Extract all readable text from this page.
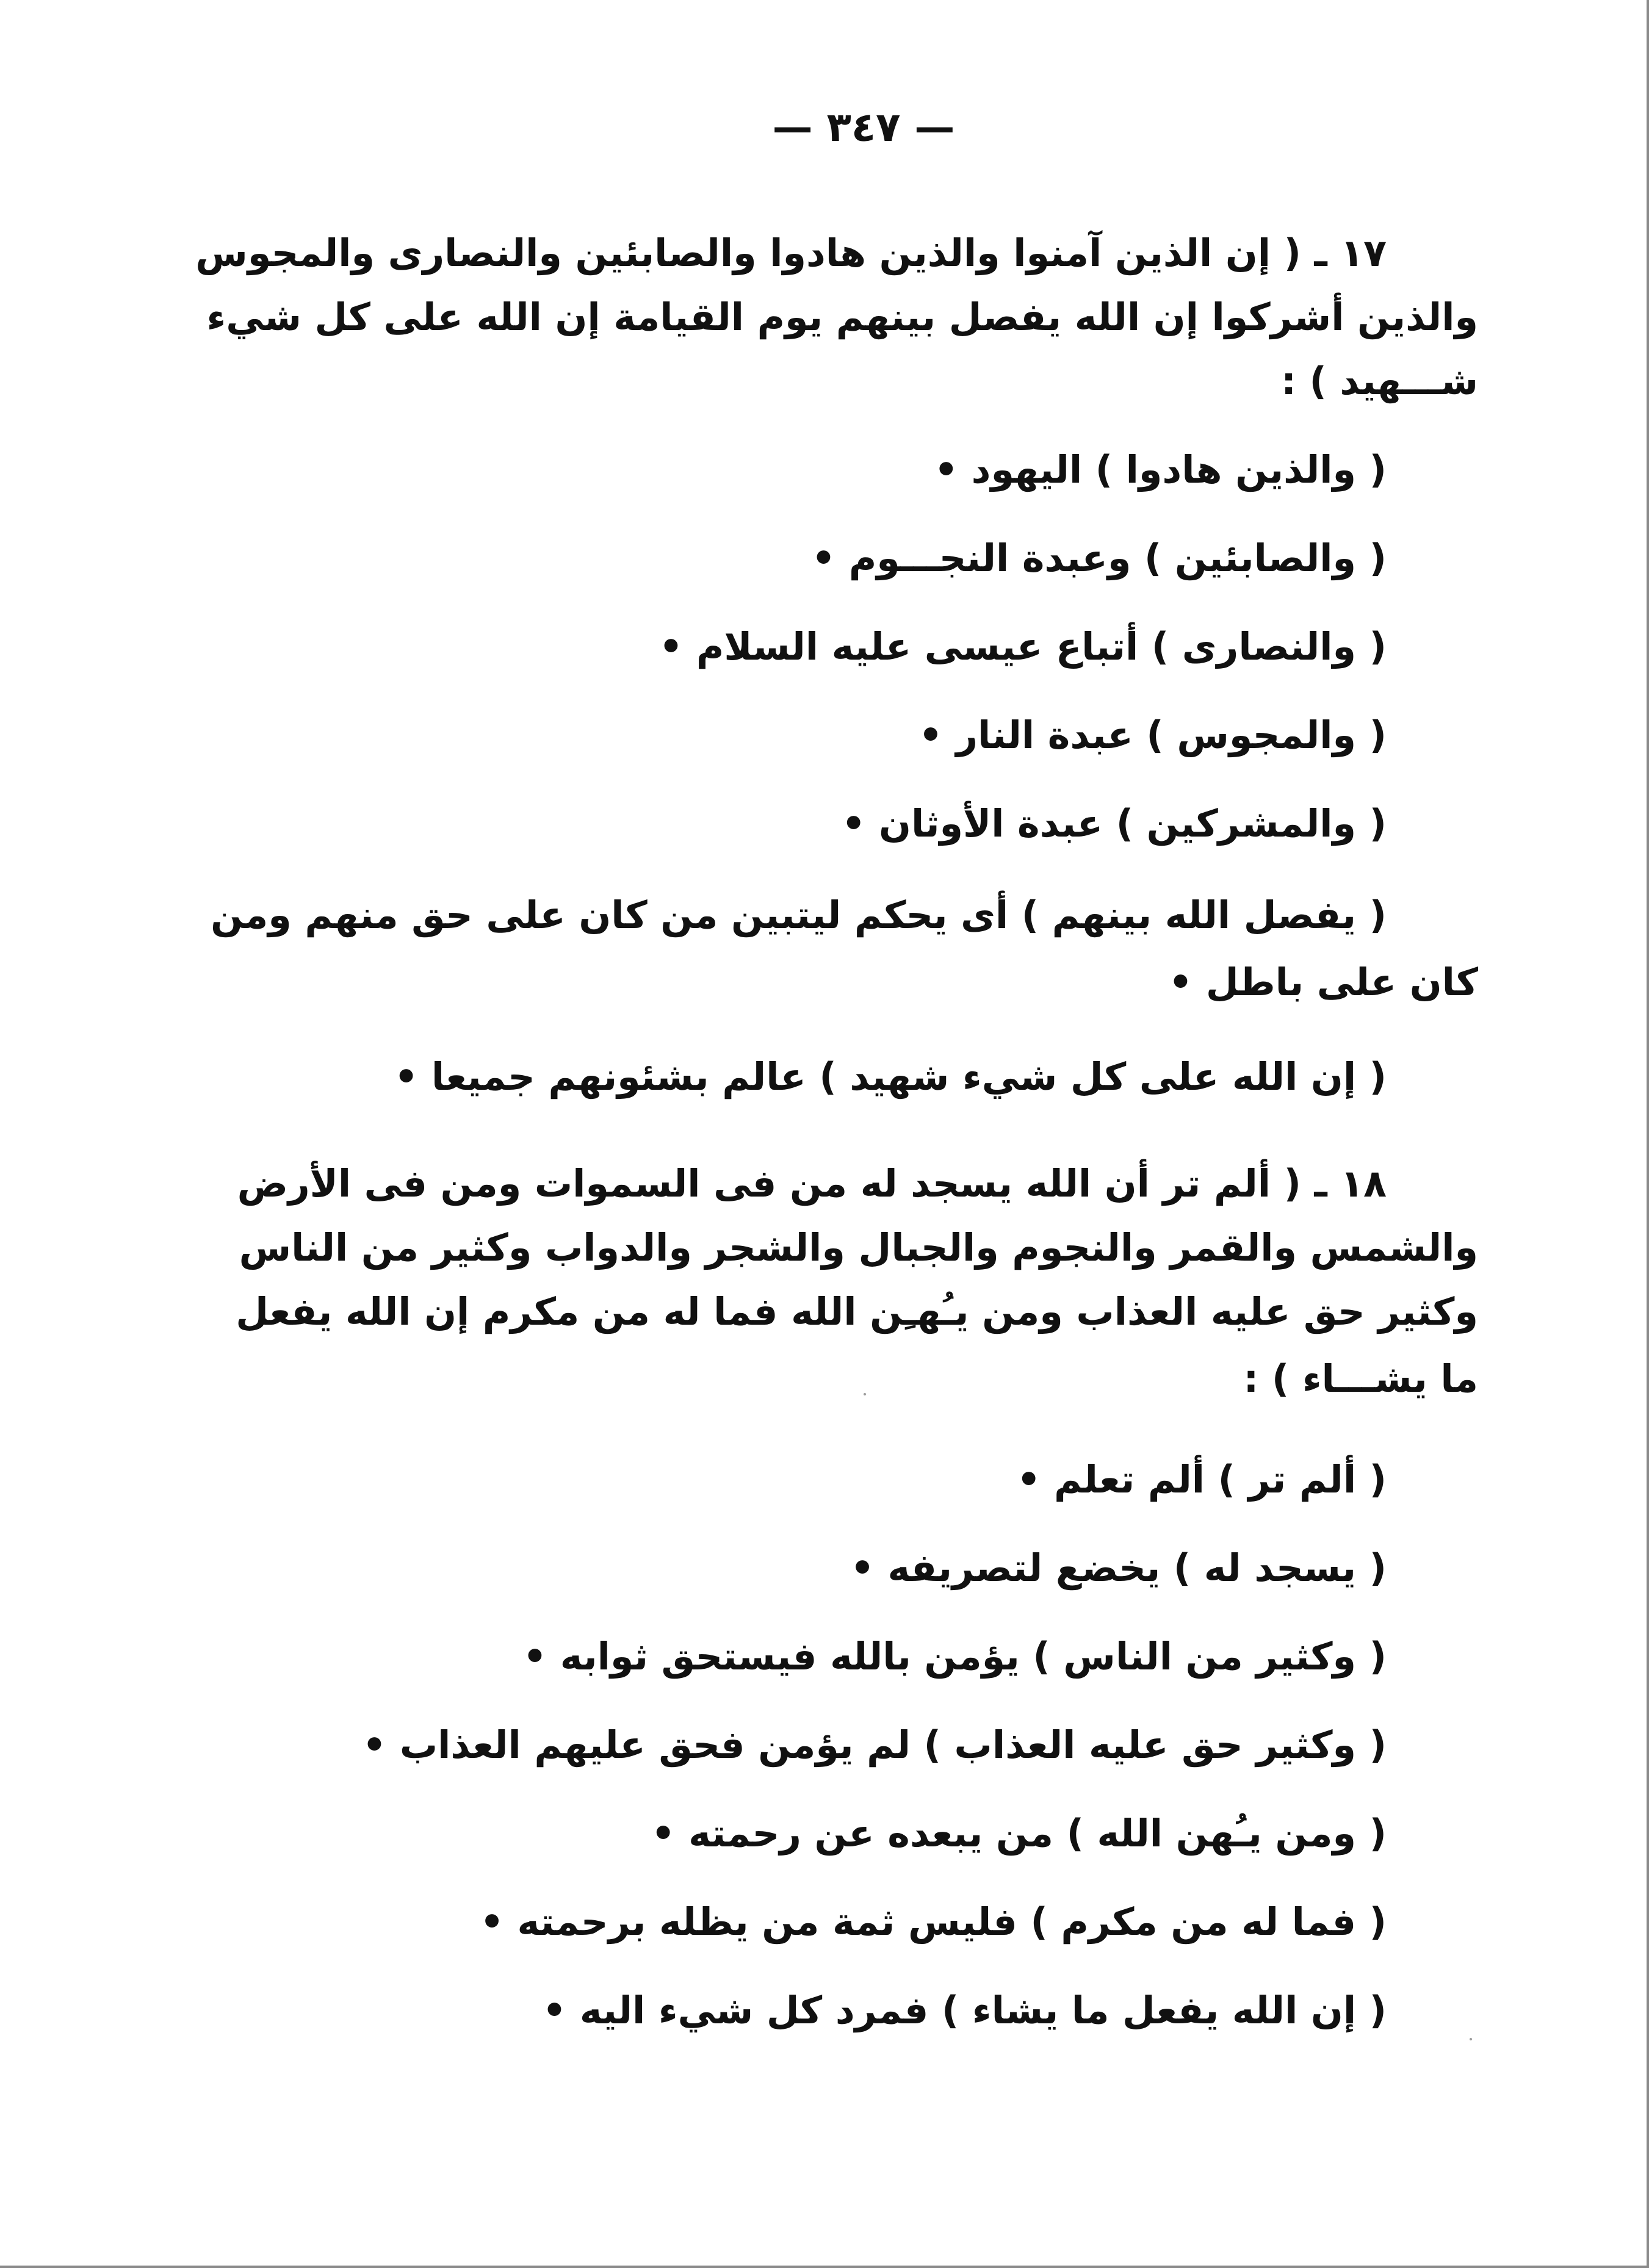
— ٣٤٧ —
١٧ ـ ( إن الذين آمنوا والذين هادوا والصابئين والنصارى والمجوس
والذين أشركوا إن الله يفصل بينهم يوم القيامة إن الله على كل شيء
شـــهيد ) :
( والذين هادوا ) اليهود •
( والصابئين ) وعبدة النجـــوم •
( والنصارى ) أتباع عيسى عليه السلام •
( والمجوس ) عبدة النار •
( والمشركين ) عبدة الأوثان •
( يفصل الله بينهم ) أى يحكم ليتبين من كان على حق منهم ومن
كان على باطل •
( إن الله على كل شيء شهيد ) عالم بشئونهم جميعا •
١٨ ـ ( ألم تر أن الله يسجد له من فى السموات ومن فى الأرض
والشمس والقمر والنجوم والجبال والشجر والدواب وكثير من الناس
وكثير حق عليه العذاب ومن يـُهـِن الله فما له من مكرم إن الله يفعل
ما يشـــاء ) :
( ألم تر ) ألم تعلم •
( يسجد له ) يخضع لتصريفه •
( وكثير من الناس ) يؤمن بالله فيستحق ثوابه •
( وكثير حق عليه العذاب ) لم يؤمن فحق عليهم العذاب •
( ومن يـُهن الله ) من يبعده عن رحمته •
( فما له من مكرم ) فليس ثمة من يظله برحمته •
( إن الله يفعل ما يشاء ) فمرد كل شيء اليه •
